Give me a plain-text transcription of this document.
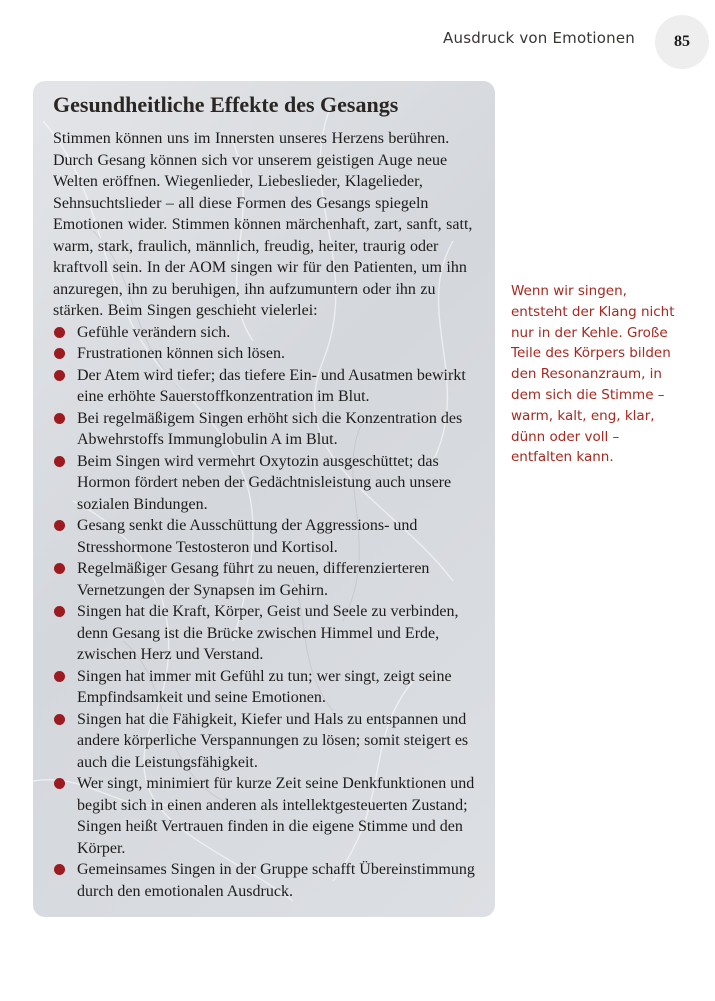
Ausdruck von Emotionen 85
Gesundheitliche Effekte des Gesangs

Stimmen können uns im Innersten unseres Herzens berühren. Durch Gesang können sich vor unserem geistigen Auge neue Welten eröffnen. Wiegenlieder, Liebeslieder, Klagelieder, Sehnsuchtslieder – all diese Formen des Gesangs spiegeln Emotionen wider. Stimmen können märchenhaft, zart, sanft, satt, warm, stark, fraulich, männlich, freudig, heiter, traurig oder kraftvoll sein. In der AOM singen wir für den Patienten, um ihn anzuregen, ihn zu beruhigen, ihn aufzumuntern oder ihn zu stärken. Beim Singen geschieht vielerlei:

Gefühle verändern sich.
Frustrationen können sich lösen.
Der Atem wird tiefer; das tiefere Ein- und Ausatmen bewirkt eine erhöhte Sauerstoffkonzentration im Blut.
Bei regelmäßigem Singen erhöht sich die Konzentration des Abwehrstoffs Immunglobulin A im Blut.
Beim Singen wird vermehrt Oxytozin ausgeschüttet; das Hormon fördert neben der Gedächtnisleistung auch unsere sozialen Bindungen.
Gesang senkt die Ausschüttung der Aggressions- und Stresshormone Testosteron und Kortisol.
Regelmäßiger Gesang führt zu neuen, differenzierteren Vernetzungen der Synapsen im Gehirn.
Singen hat die Kraft, Körper, Geist und Seele zu verbinden, denn Gesang ist die Brücke zwischen Himmel und Erde, zwischen Herz und Verstand.
Singen hat immer mit Gefühl zu tun; wer singt, zeigt seine Empfindsamkeit und seine Emotionen.
Singen hat die Fähigkeit, Kiefer und Hals zu entspannen und andere körperliche Verspannungen zu lösen; somit steigert es auch die Leistungsfähigkeit.
Wer singt, minimiert für kurze Zeit seine Denkfunktionen und begibt sich in einen anderen als intellektgesteuerten Zustand; Singen heißt Vertrauen finden in die eigene Stimme und den Körper.
Gemeinsames Singen in der Gruppe schafft Übereinstimmung durch den emotionalen Ausdruck.
Wenn wir singen, entsteht der Klang nicht nur in der Kehle. Große Teile des Körpers bilden den Resonanzraum, in dem sich die Stimme – warm, kalt, eng, klar, dünn oder voll – entfalten kann.
